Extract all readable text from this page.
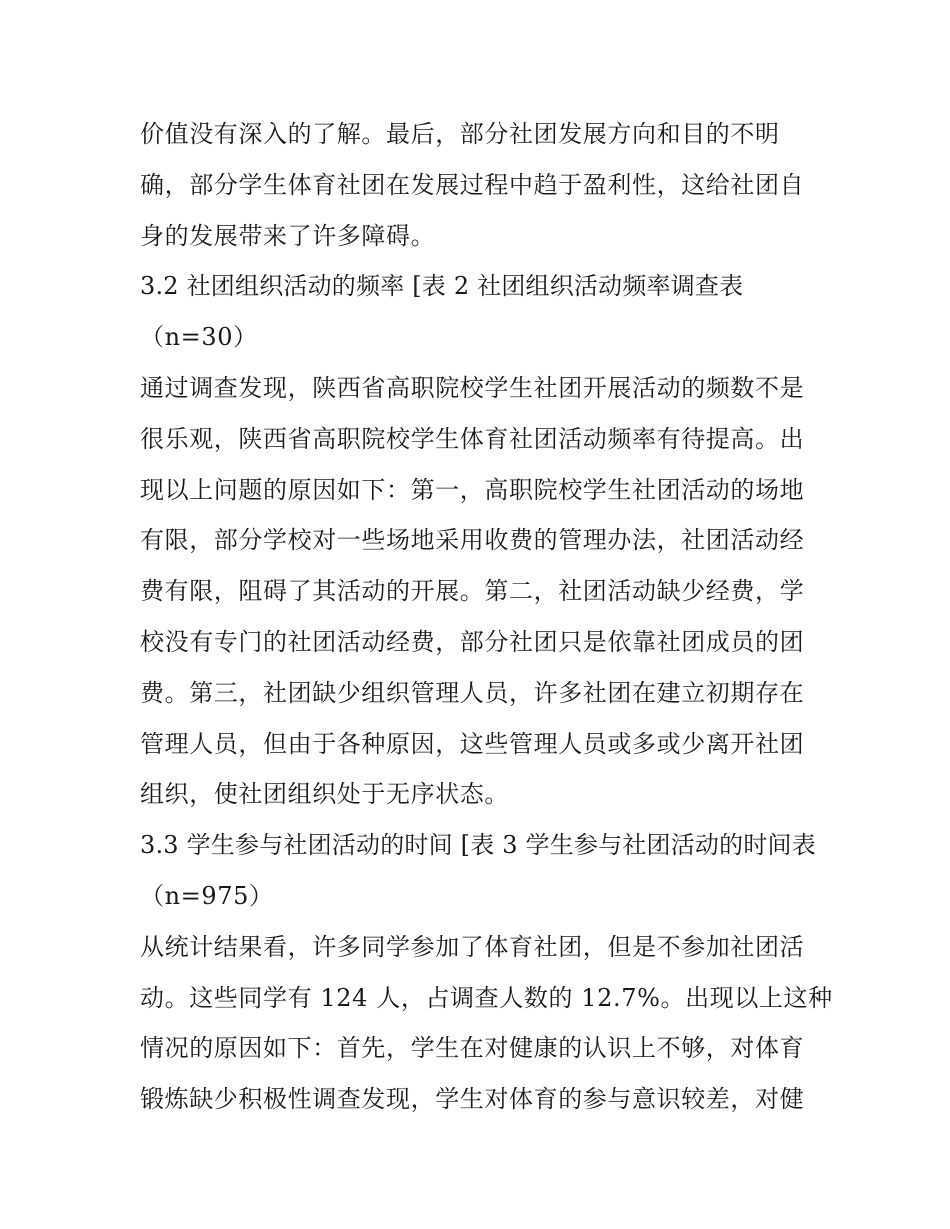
价值没有深入的了解。最后，部分社团发展方向和目的不明
确，部分学生体育社团在发展过程中趋于盈利性，这给社团自
身的发展带来了许多障碍。
3.2 社团组织活动的频率 [表 2 社团组织活动频率调查表
（n=30）
通过调查发现，陕西省高职院校学生社团开展活动的频数不是
很乐观，陕西省高职院校学生体育社团活动频率有待提高。出
现以上问题的原因如下：第一，高职院校学生社团活动的场地
有限，部分学校对一些场地采用收费的管理办法，社团活动经
费有限，阻碍了其活动的开展。第二，社团活动缺少经费，学
校没有专门的社团活动经费，部分社团只是依靠社团成员的团
费。第三，社团缺少组织管理人员，许多社团在建立初期存在
管理人员，但由于各种原因，这些管理人员或多或少离开社团
组织，使社团组织处于无序状态。
3.3 学生参与社团活动的时间 [表 3 学生参与社团活动的时间表
（n=975）
从统计结果看，许多同学参加了体育社团，但是不参加社团活
动。这些同学有 124 人，占调查人数的 12.7%。出现以上这种
情况的原因如下：首先，学生在对健康的认识上不够，对体育
锻炼缺少积极性调查发现，学生对体育的参与意识较差，对健
